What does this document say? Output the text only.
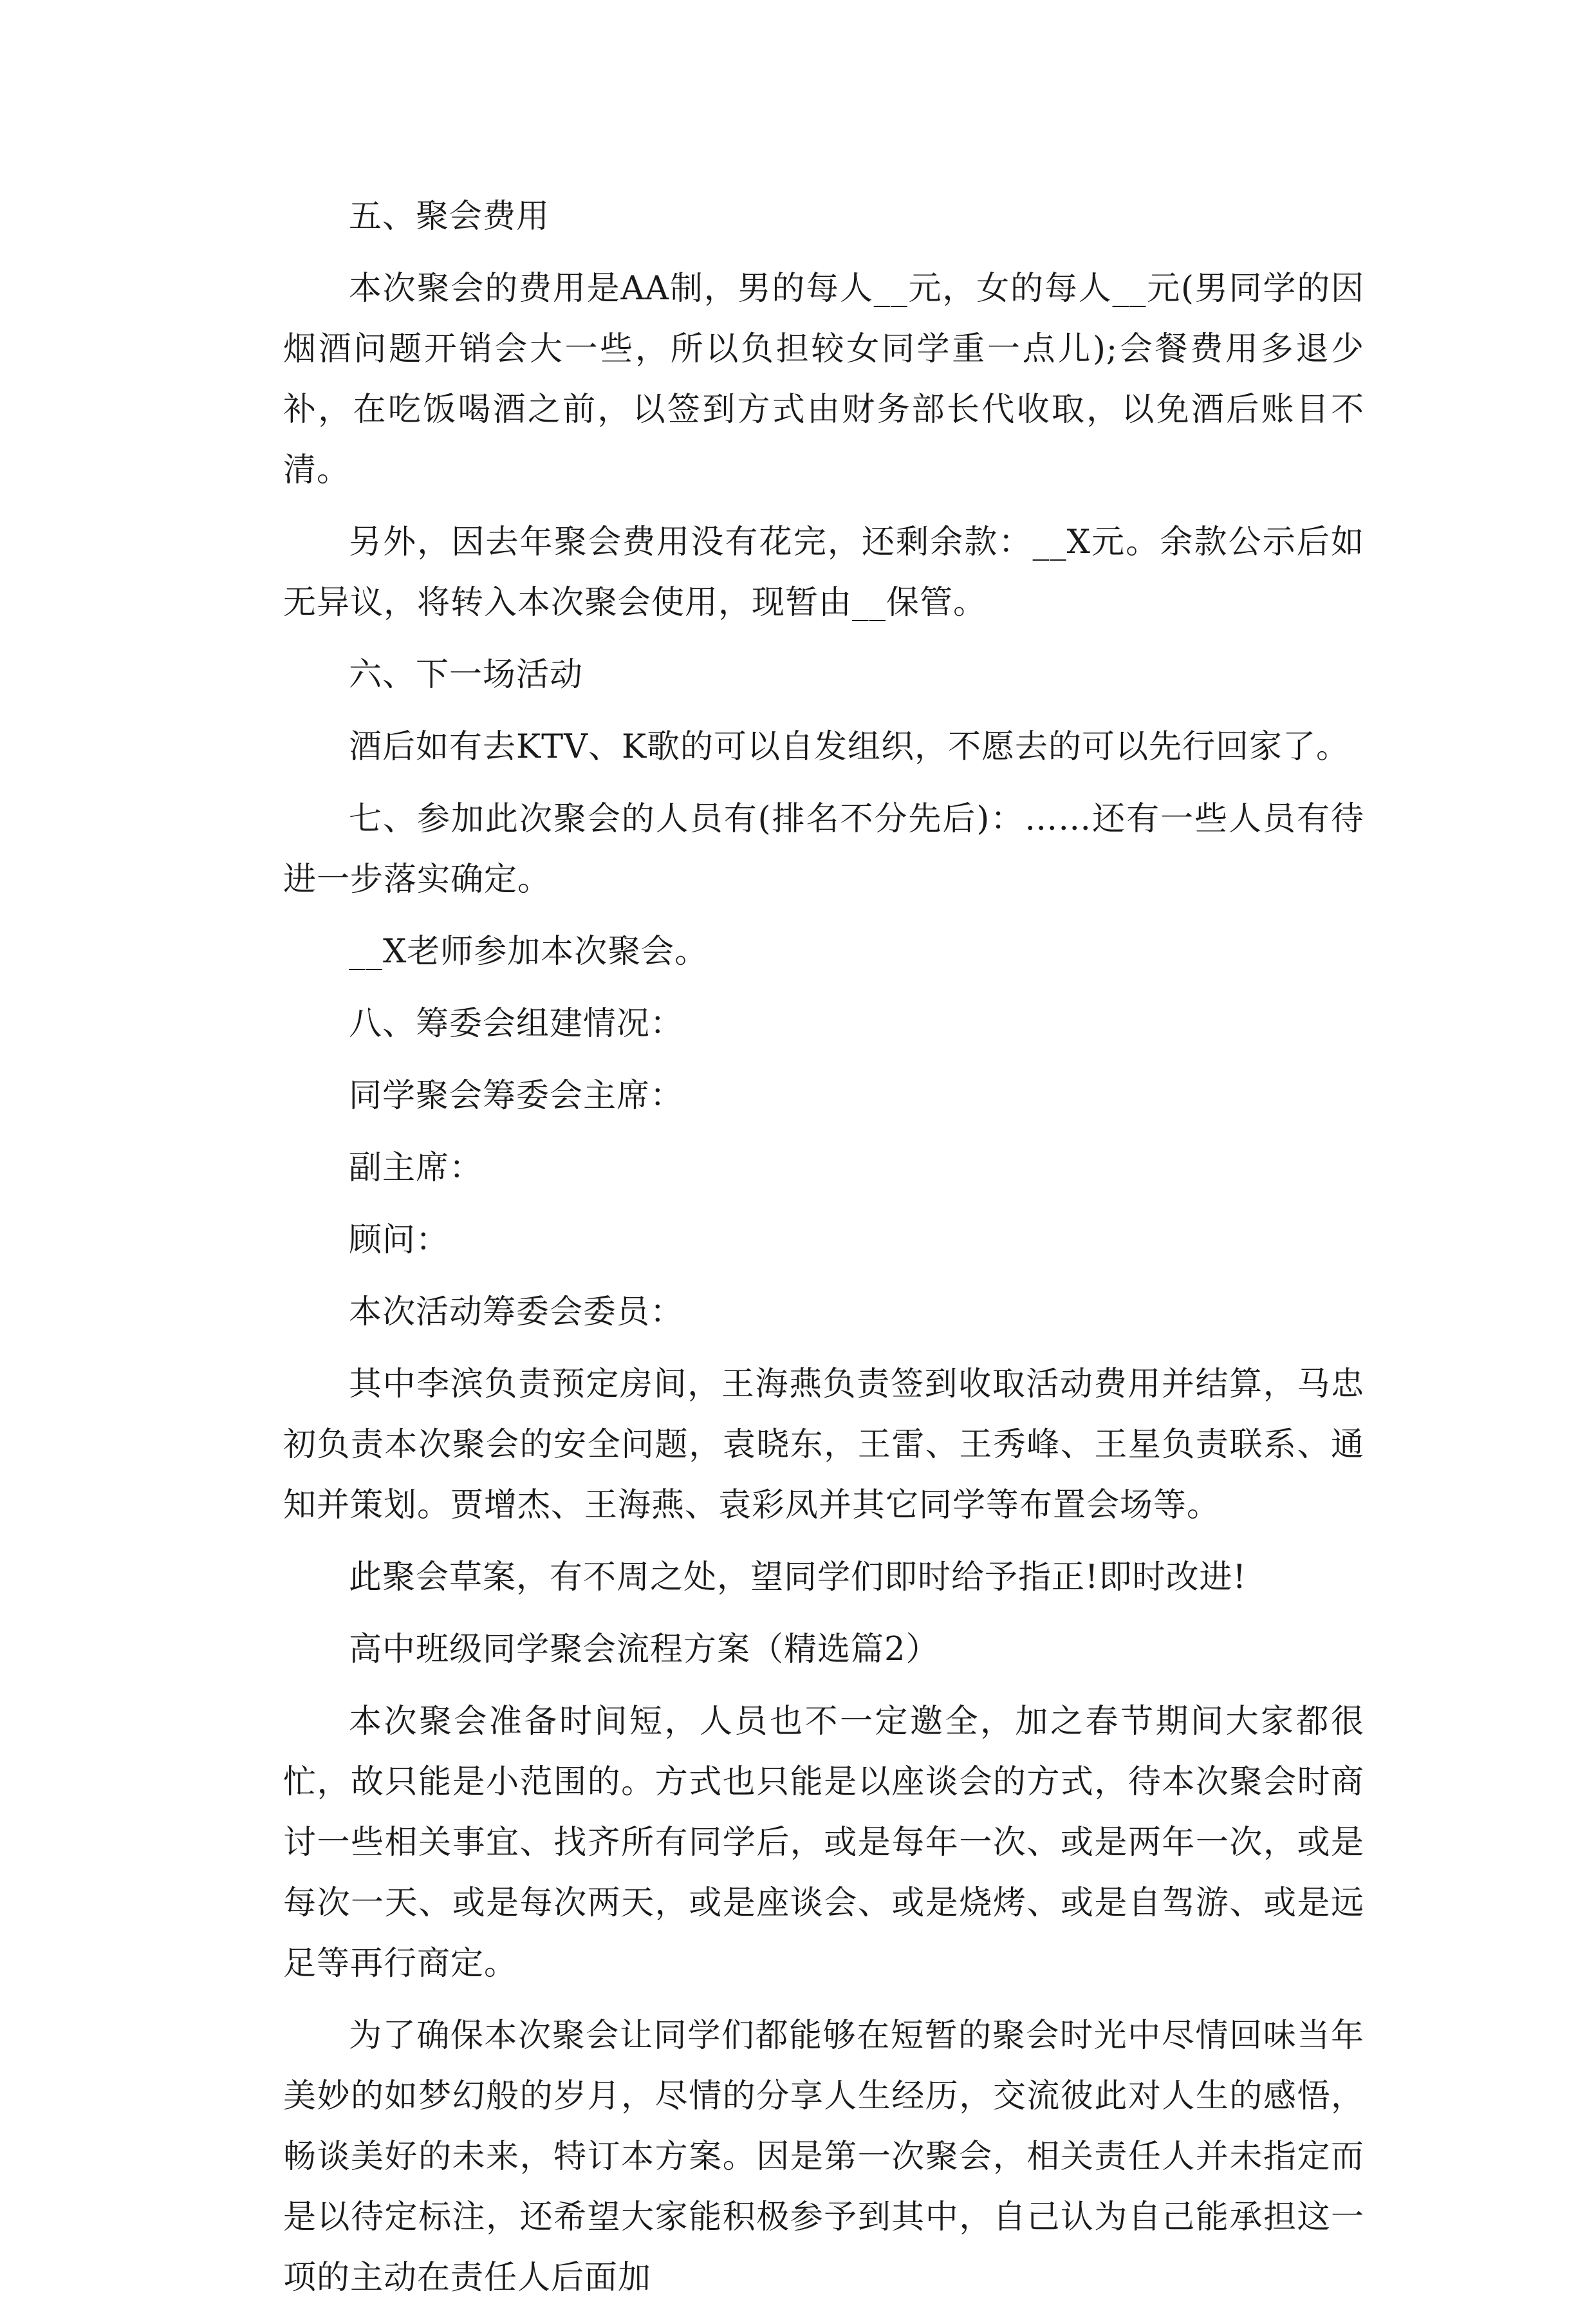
五、聚会费用

本次聚会的费用是AA制，男的每人__元，女的每人__元(男同学的因烟酒问题开销会大一些，所以负担较女同学重一点儿);会餐费用多退少补，在吃饭喝酒之前，以签到方式由财务部长代收取，以免酒后账目不清。

另外，因去年聚会费用没有花完，还剩余款：__X元。余款公示后如无异议，将转入本次聚会使用，现暂由__保管。

六、下一场活动

酒后如有去KTV、K歌的可以自发组织，不愿去的可以先行回家了。

七、参加此次聚会的人员有(排名不分先后)：……还有一些人员有待进一步落实确定。

__X老师参加本次聚会。

八、筹委会组建情况：

同学聚会筹委会主席：

副主席：

顾问：

本次活动筹委会委员：

其中李滨负责预定房间，王海燕负责签到收取活动费用并结算，马忠初负责本次聚会的安全问题，袁晓东，王雷、王秀峰、王星负责联系、通知并策划。贾增杰、王海燕、袁彩凤并其它同学等布置会场等。

此聚会草案，有不周之处，望同学们即时给予指正!即时改进!

高中班级同学聚会流程方案（精选篇2）

本次聚会准备时间短，人员也不一定邀全，加之春节期间大家都很忙，故只能是小范围的。方式也只能是以座谈会的方式，待本次聚会时商讨一些相关事宜、找齐所有同学后，或是每年一次、或是两年一次，或是每次一天、或是每次两天，或是座谈会、或是烧烤、或是自驾游、或是远足等再行商定。

为了确保本次聚会让同学们都能够在短暂的聚会时光中尽情回味当年美妙的如梦幻般的岁月，尽情的分享人生经历，交流彼此对人生的感悟，畅谈美好的未来，特订本方案。因是第一次聚会，相关责任人并未指定而是以待定标注，还希望大家能积极参予到其中，自己认为自己能承担这一项的主动在责任人后面加
